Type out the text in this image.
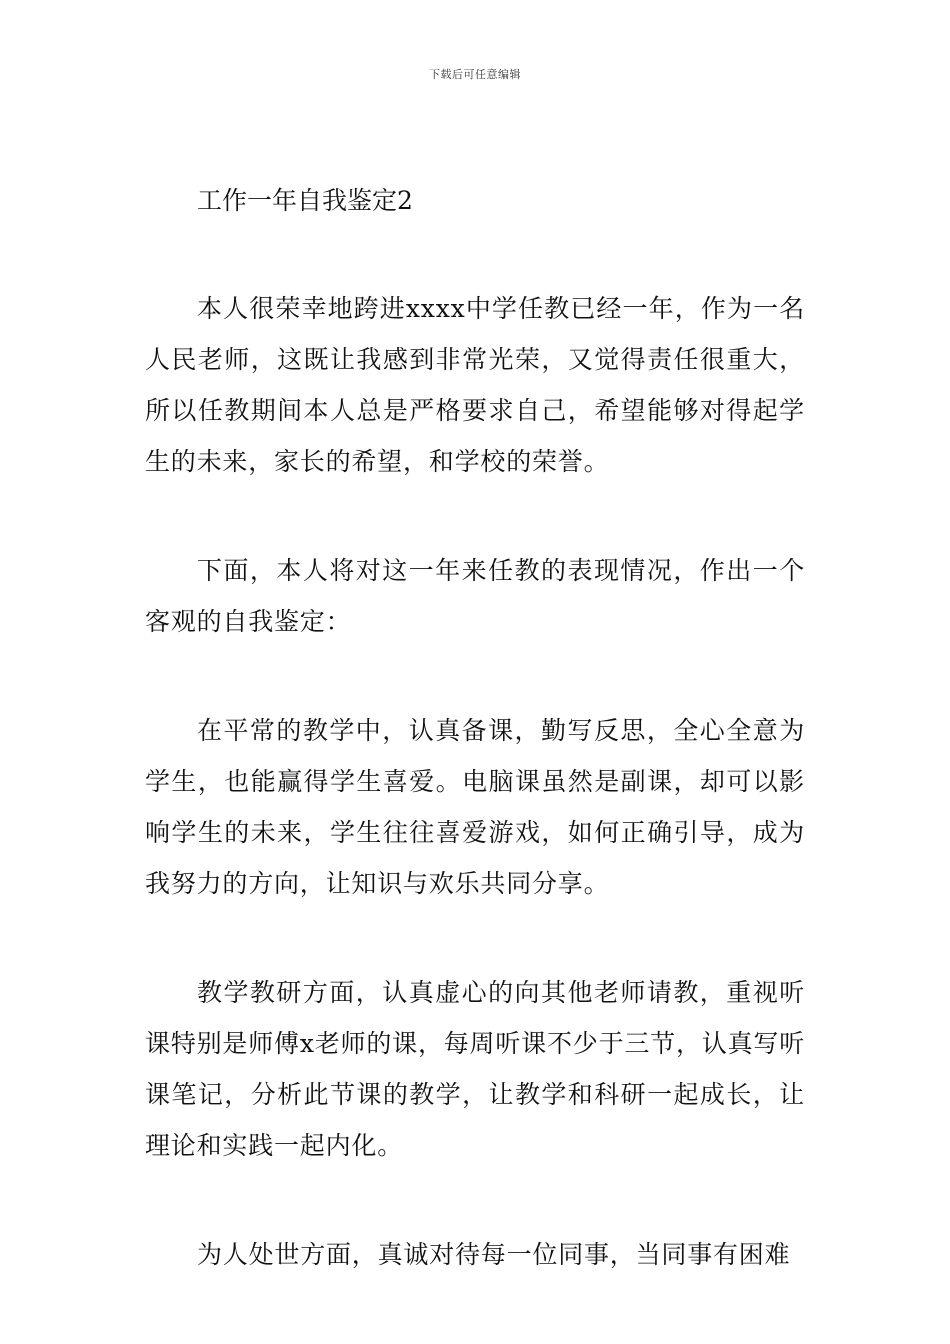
下载后可任意编辑
工作一年自我鉴定2

本人很荣幸地跨进xxxx中学任教已经一年，作为一名人民老师，这既让我感到非常光荣，又觉得责任很重大，所以任教期间本人总是严格要求自己，希望能够对得起学生的未来，家长的希望，和学校的荣誉。

下面，本人将对这一年来任教的表现情况，作出一个客观的自我鉴定：

在平常的教学中，认真备课，勤写反思，全心全意为学生，也能赢得学生喜爱。电脑课虽然是副课，却可以影响学生的未来，学生往往喜爱游戏，如何正确引导，成为我努力的方向，让知识与欢乐共同分享。

教学教研方面，认真虚心的向其他老师请教，重视听课特别是师傅x老师的课，每周听课不少于三节，认真写听课笔记，分析此节课的教学，让教学和科研一起成长，让理论和实践一起内化。

为人处世方面，真诚对待每一位同事，当同事有困难
